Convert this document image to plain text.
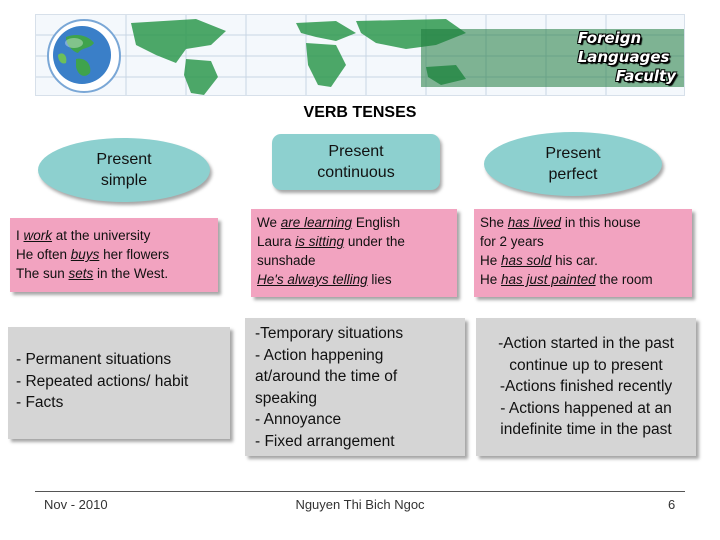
Foreign
Languages
Faculty
VERB TENSES
Present
simple
Present
continuous
Present
perfect
I work at the university
He often buys her flowers
The sun sets in the West.
We are learning English
Laura is sitting under the
sunshade
He's always telling lies
She has lived in this house
for 2 years
He has sold his car.
He has just painted the room
- Permanent situations
- Repeated actions/ habit
- Facts
-Temporary situations
- Action happening
at/around the time of
speaking
- Annoyance
- Fixed arrangement
-Action started in the past
continue up to present
-Actions finished recently
- Actions happened at an
indefinite time in the past
Nov - 2010	Nguyen Thi Bich Ngoc	6
